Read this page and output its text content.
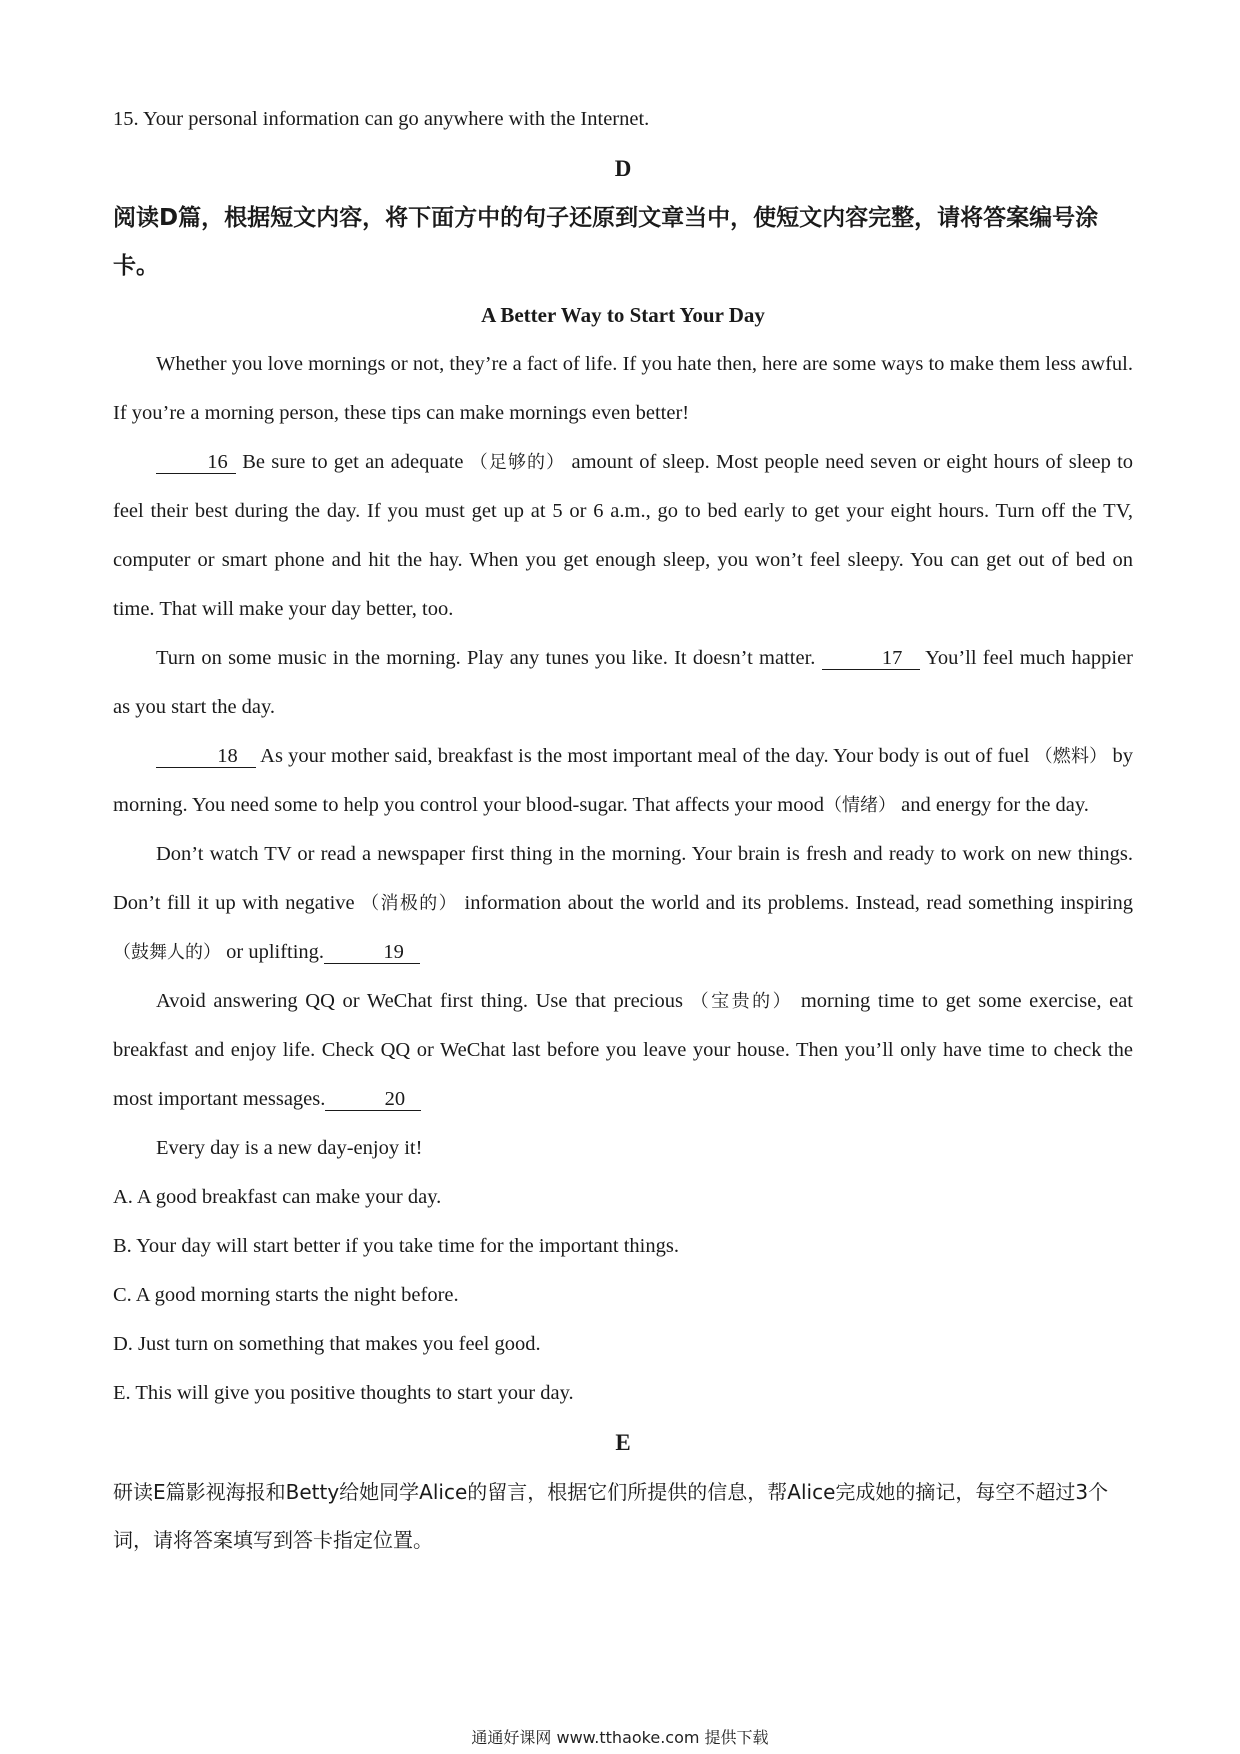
15. Your personal information can go anywhere with the Internet.

D

阅读D篇，根据短文内容，将下面方中的句子还原到文章当中，使短文内容完整，请将答案编号涂卡。

A Better Way to Start Your Day

Whether you love mornings or not, they’re a fact of life. If you hate then, here are some ways to make them less awful. If you’re a morning person, these tips can make mornings even better!

16 Be sure to get an adequate （足够的） amount of sleep. Most people need seven or eight hours of sleep to feel their best during the day. If you must get up at 5 or 6 a.m., go to bed early to get your eight hours. Turn off the TV, computer or smart phone and hit the hay. When you get enough sleep, you won’t feel sleepy. You can get out of bed on time. That will make your day better, too.

Turn on some music in the morning. Play any tunes you like. It doesn’t matter.	17 You’ll feel much happier as you start the day.

18 As your mother said, breakfast is the most important meal of the day. Your body is out of fuel （燃料） by morning. You need some to help you control your blood-sugar. That affects your mood（情绪） and energy for the day.

Don’t watch TV or read a newspaper first thing in the morning. Your brain is fresh and ready to work on new things. Don’t fill it up with negative （消极的） information about the world and its problems. Instead, read something inspiring（鼓舞人的） or uplifting.	19

Avoid answering QQ or WeChat first thing. Use that precious （宝贵的） morning time to get some exercise, eat breakfast and enjoy life. Check QQ or WeChat last before you leave your house. Then you’ll only have time to check the most important messages.	20

Every day is a new day-enjoy it!

A. A good breakfast can make your day.

B. Your day will start better if you take time for the important things.

C. A good morning starts the night before.

D. Just turn on something that makes you feel good.

E. This will give you positive thoughts to start your day.

E

研读E篇影视海报和Betty给她同学Alice的留言，根据它们所提供的信息，帮Alice完成她的摘记，每空不超过3个词，请将答案填写到答卡指定位置。

通通好课网 www.tthaoke.com 提供下载
